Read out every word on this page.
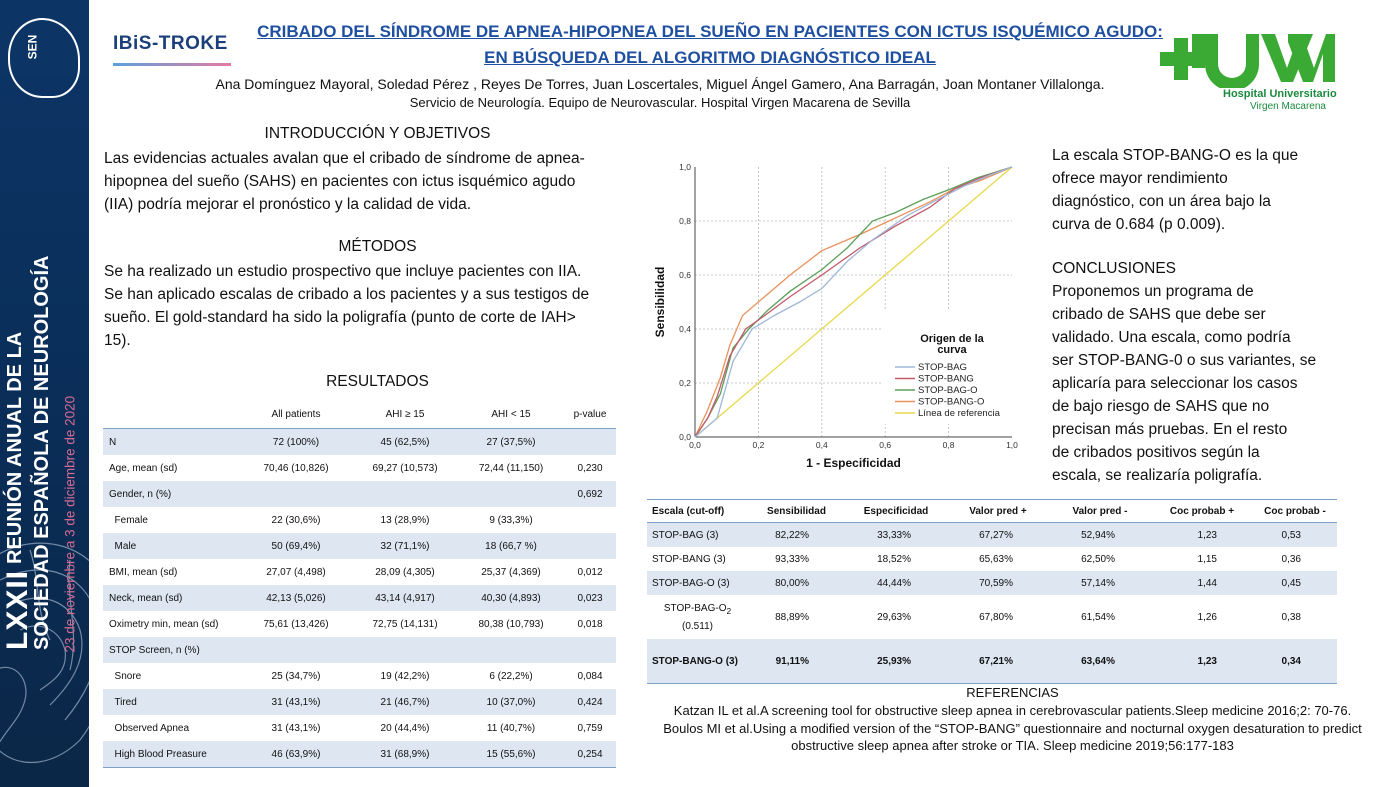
SEN
LXXIIREUNIÓN ANUAL DE LA SOCIEDAD ESPAÑOLA DE NEUROLOGÍA 23 de noviembre a 3 de diciembre de 2020
IBiS-TROKE
CRIBADO DEL SÍNDROME DE APNEA-HIPOPNEA DEL SUEÑO EN PACIENTES CON ICTUS ISQUÉMICO AGUDO:
EN BÚSQUEDA DEL ALGORITMO DIAGNÓSTICO IDEAL
Ana Domínguez Mayoral, Soledad Pérez , Reyes De Torres, Juan Loscertales, Miguel Ángel Gamero, Ana Barragán, Joan Montaner Villalonga.
Servicio de Neurología. Equipo de Neurovascular. Hospital Virgen Macarena de Sevilla
Hospital Universitario
Virgen Macarena
INTRODUCCIÓN Y OBJETIVOS
Las evidencias actuales avalan que el cribado de síndrome de apnea-
hipopnea del sueño (SAHS) en pacientes con ictus isquémico agudo
(IIA) podría mejorar el pronóstico y la calidad de vida.
MÉTODOS
Se ha realizado un estudio prospectivo que incluye pacientes con IIA.
Se han aplicado escalas de cribado a los pacientes y a sus testigos de
sueño. El gold-standard ha sido la poligrafía (punto de corte de IAH>
15).
RESULTADOS
	All patients	AHI ≥ 15	AHI < 15	p-value
N	72 (100%)	45 (62,5%)	27 (37,5%)	
Age, mean (sd)	70,46 (10,826)	69,27 (10,573)	72,44 (11,150)	0,230
Gender, n (%)				0,692
Female	22 (30,6%)	13 (28,9%)	9 (33,3%)	
Male	50 (69,4%)	32 (71,1%)	18 (66,7 %)	
BMI, mean (sd)	27,07 (4,498)	28,09 (4,305)	25,37 (4,369)	0,012
Neck, mean (sd)	42,13 (5,026)	43,14 (4,917)	40,30 (4,893)	0,023
Oximetry min, mean (sd)	75,61 (13,426)	72,75 (14,131)	80,38 (10,793)	0,018
STOP Screen, n (%)				
Snore	25 (34,7%)	19 (42,2%)	6 (22,2%)	0,084
Tired	31 (43,1%)	21 (46,7%)	10 (37,0%)	0,424
Observed Apnea	31 (43,1%)	20 (44,4%)	11 (40,7%)	0,759
High Blood Preasure	46 (63,9%)	31 (68,9%)	15 (55,6%)	0,254
0,0
0,2
0,4
0,6
0,8
1,0
0,0	0,2	0,4	0,6	0,8	1,0
1 - Especificidad
Sensibilidad
Origen de la
curva
STOP-BAG
STOP-BANG
STOP-BAG-O
STOP-BANG-O
Línea de referencia
La escala STOP-BANG-O es la que
ofrece mayor rendimiento
diagnóstico, con un área bajo la
curva de 0.684 (p 0.009).
CONCLUSIONES
Proponemos un programa de
cribado de SAHS que debe ser
validado. Una escala, como podría
ser STOP-BANG-0 o sus variantes, se
aplicaría para seleccionar los casos
de bajo riesgo de SAHS que no
precisan más pruebas. En el resto
de cribados positivos según la
escala, se realizaría poligrafía.
Escala (cut-off)	Sensibilidad	Especificidad	Valor pred +	Valor pred -	Coc probab +	Coc probab -
STOP-BAG (3)	82,22%	33,33%	67,27%	52,94%	1,23	0,53
STOP-BANG (3)	93,33%	18,52%	65,63%	62,50%	1,15	0,36
STOP-BAG-O (3)	80,00%	44,44%	70,59%	57,14%	1,44	0,45
STOP-$BAG-O_2$
(0.511)	88,89%	29,63%	67,80%	61,54%	1,26	0,38
STOP-BANG-O (3)	91,11%	25,93%	67,21%	63,64%	1,23	0,34
REFERENCIAS
Katzan IL et al.A screening tool for obstructive sleep apnea in cerebrovascular patients.Sleep medicine 2016;2: 70-76.
Boulos MI et al.Using a modified version of the “STOP-BANG” questionnaire and nocturnal oxygen desaturation to predict
obstructive sleep apnea after stroke or TIA. Sleep medicine 2019;56:177-183
